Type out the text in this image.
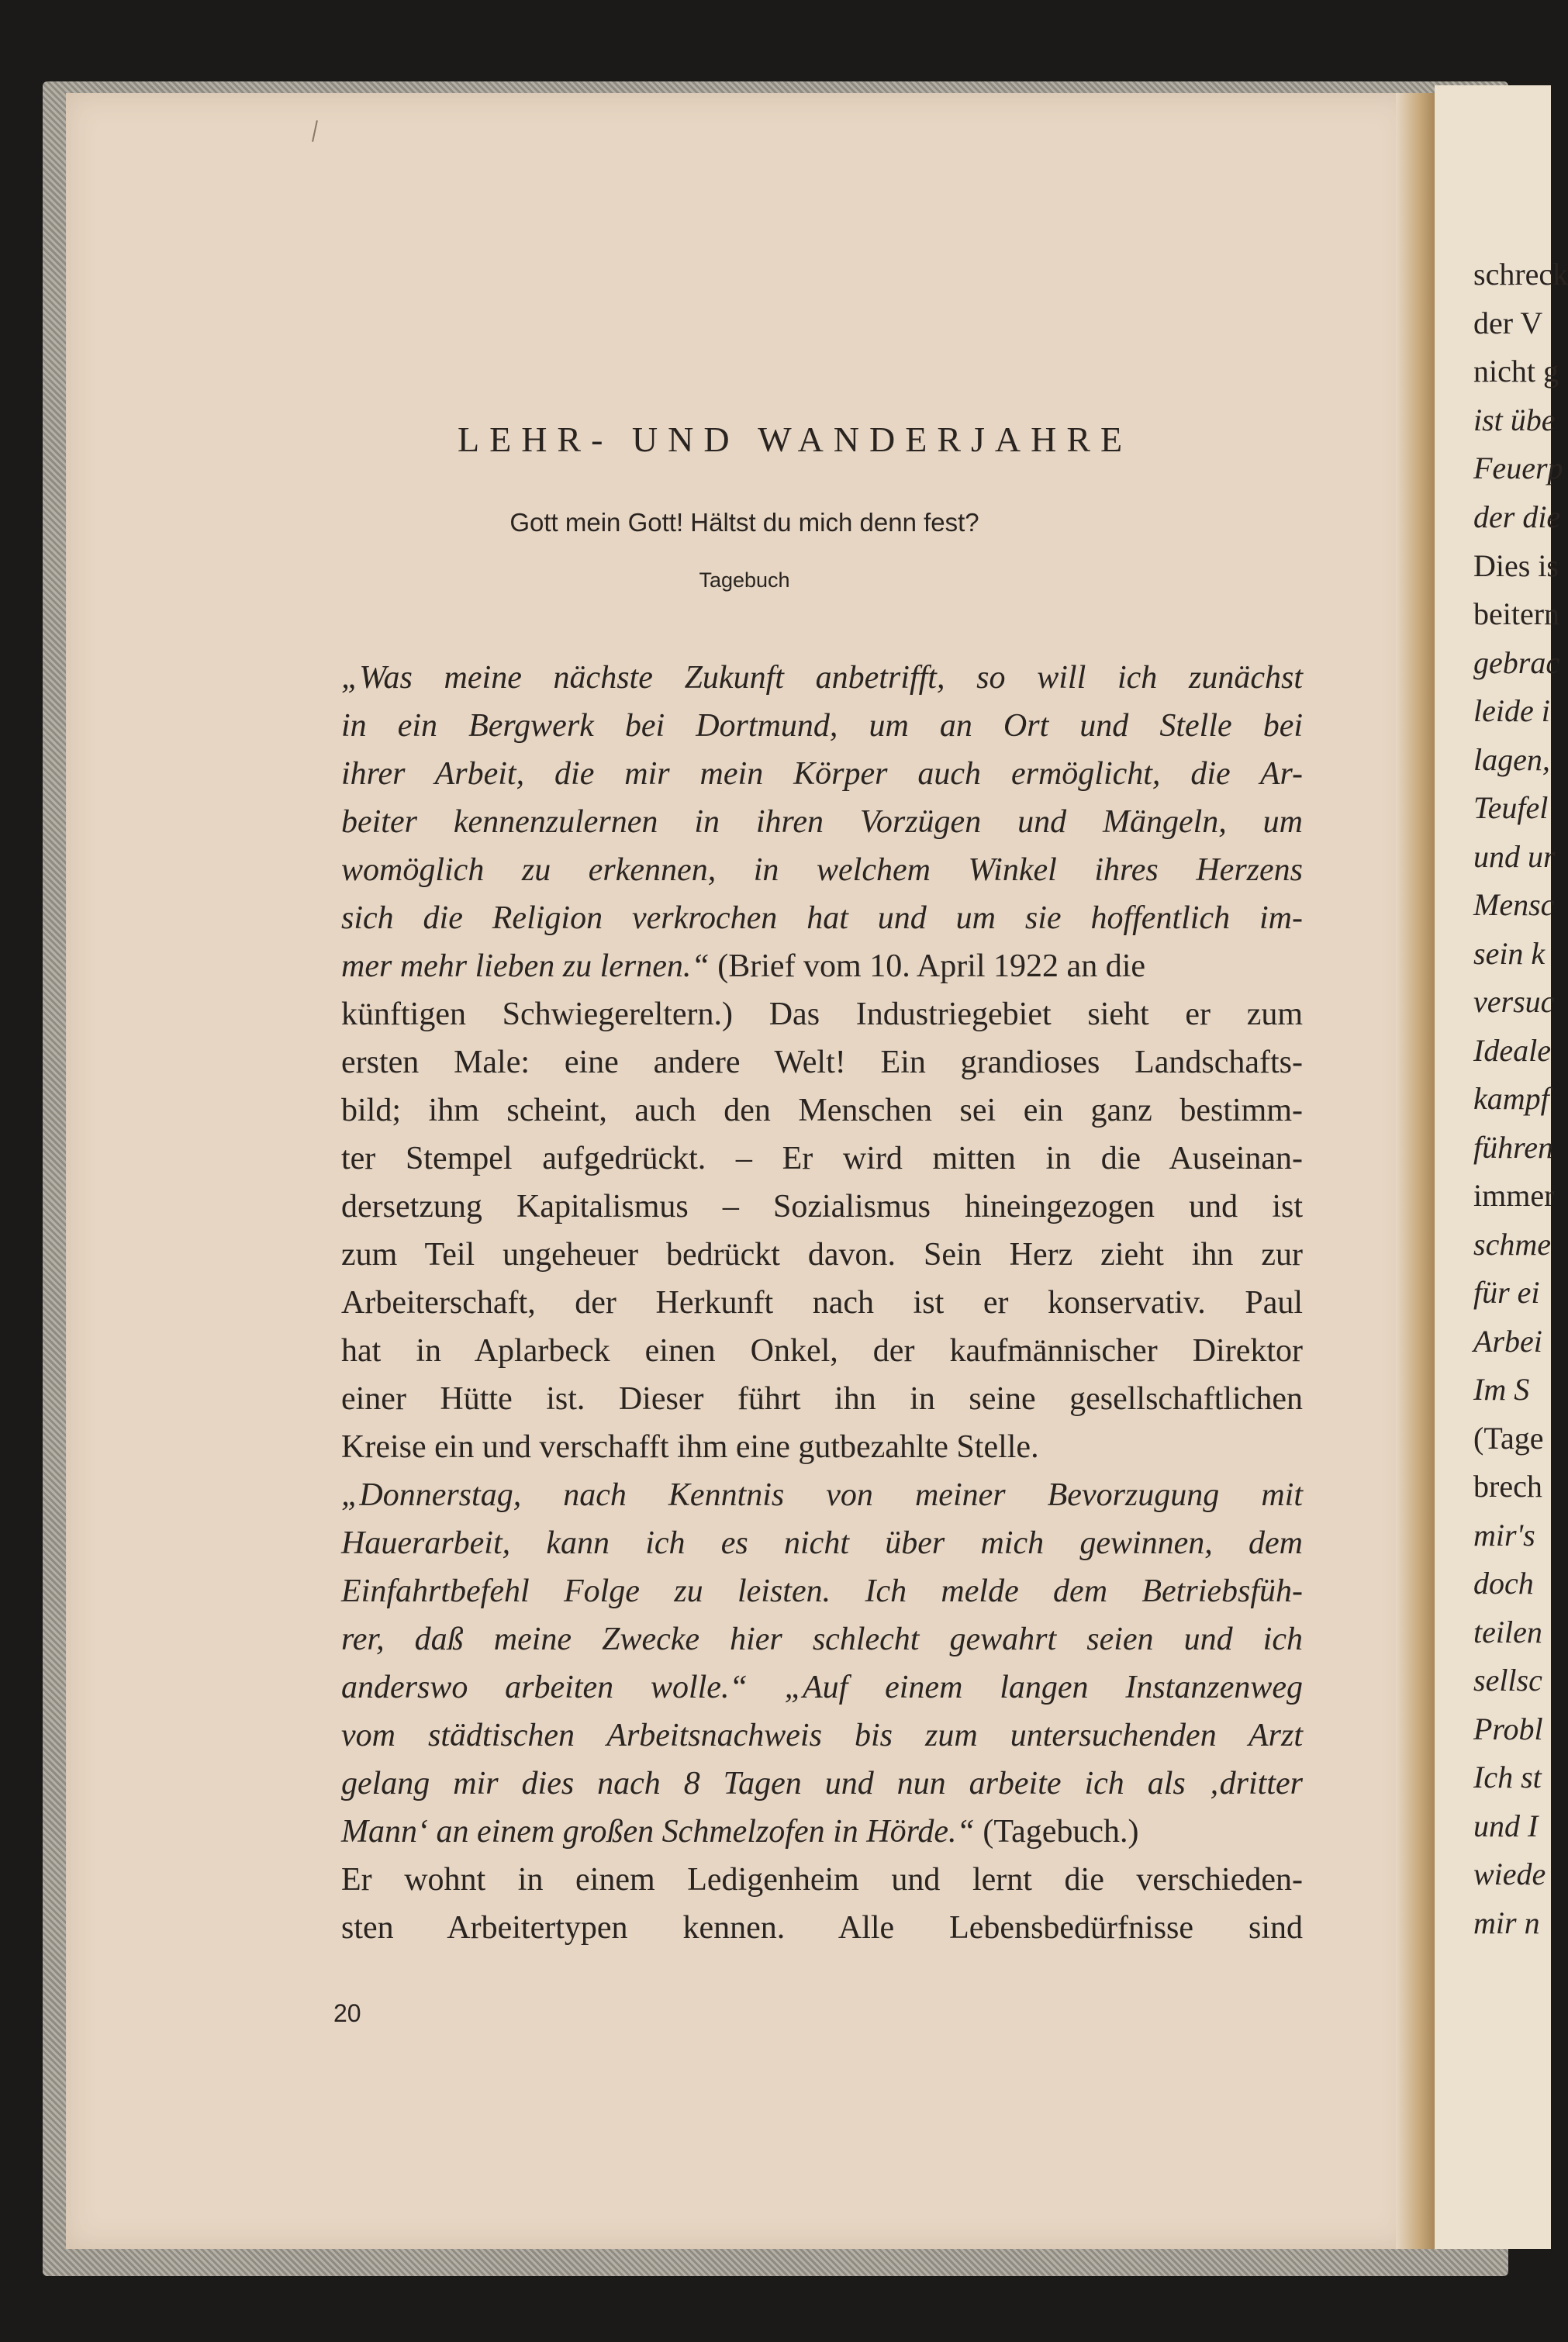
schreck
der V
nicht g
ist übe
Feuerp
der die
Dies is
beitern
gebrac
leide i
lagen,
Teufel
und ur
Mensc
sein k
versuc
Ideale
kampf
führen
immer
schme
für ei
Arbei
Im S
(Tage
brech
mir's
doch
teilen
sellsc
Probl
Ich st
und I
wiede
mir n
LEHR- UND WANDERJAHRE
Gott mein Gott! Hältst du mich denn fest?
Tagebuch
„Was meine nächste Zukunft anbetrifft, so will ich zunächst
in ein Bergwerk bei Dortmund, um an Ort und Stelle bei
ihrer Arbeit, die mir mein Körper auch ermöglicht, die Ar-
beiter kennenzulernen in ihren Vorzügen und Mängeln, um
womöglich zu erkennen, in welchem Winkel ihres Herzens
sich die Religion verkrochen hat und um sie hoffentlich im-
mer mehr lieben zu lernen.“ (Brief vom 10. April 1922 an die
künftigen Schwiegereltern.) Das Industriegebiet sieht er zum
ersten Male: eine andere Welt! Ein grandioses Landschafts-
bild; ihm scheint, auch den Menschen sei ein ganz bestimm-
ter Stempel aufgedrückt. – Er wird mitten in die Auseinan-
dersetzung Kapitalismus – Sozialismus hineingezogen und ist
zum Teil ungeheuer bedrückt davon. Sein Herz zieht ihn zur
Arbeiterschaft, der Herkunft nach ist er konservativ. Paul
hat in Aplarbeck einen Onkel, der kaufmännischer Direktor
einer Hütte ist. Dieser führt ihn in seine gesellschaftlichen
Kreise ein und verschafft ihm eine gutbezahlte Stelle.
„Donnerstag, nach Kenntnis von meiner Bevorzugung mit
Hauerarbeit, kann ich es nicht über mich gewinnen, dem
Einfahrtbefehl Folge zu leisten. Ich melde dem Betriebsfüh-
rer, daß meine Zwecke hier schlecht gewahrt seien und ich
anderswo arbeiten wolle.“ „Auf einem langen Instanzenweg
vom städtischen Arbeitsnachweis bis zum untersuchenden Arzt
gelang mir dies nach 8 Tagen und nun arbeite ich als ‚dritter
Mann‘ an einem großen Schmelzofen in Hörde.“ (Tagebuch.)
Er wohnt in einem Ledigenheim und lernt die verschieden-
sten Arbeitertypen kennen. Alle Lebensbedürfnisse sind
20
